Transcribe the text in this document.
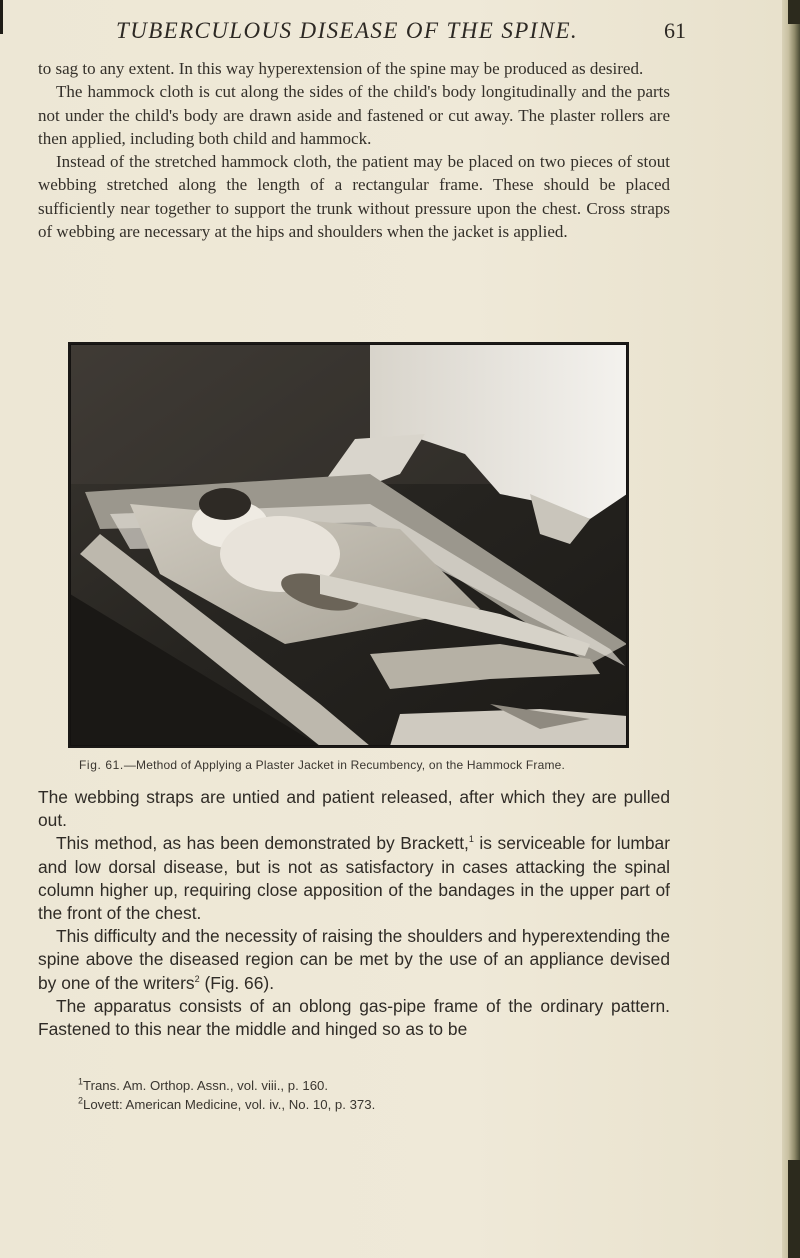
TUBERCULOUS DISEASE OF THE SPINE.	61

to sag to any extent. In this way hyperextension of the spine may be produced as desired.

The hammock cloth is cut along the sides of the child's body longitudinally and the parts not under the child's body are drawn aside and fastened or cut away. The plaster rollers are then applied, including both child and hammock.

Instead of the stretched hammock cloth, the patient may be placed on two pieces of stout webbing stretched along the length of a rectangular frame. These should be placed sufficiently near together to support the trunk without pressure upon the chest. Cross straps of webbing are necessary at the hips and shoulders when the jacket is applied.

Fig. 61.—Method of Applying a Plaster Jacket in Recumbency, on the Hammock Frame.

The webbing straps are untied and patient released, after which they are pulled out.

This method, as has been demonstrated by Brackett,$^1$ is serviceable for lumbar and low dorsal disease, but is not as satisfactory in cases attacking the spinal column higher up, requiring close apposition of the bandages in the upper part of the front of the chest.

This difficulty and the necessity of raising the shoulders and hyperextending the spine above the diseased region can be met by the use of an appliance devised by one of the writers$^2$ (Fig. 66).

The apparatus consists of an oblong gas-pipe frame of the ordinary pattern. Fastened to this near the middle and hinged so as to be

$^1$Trans. Am. Orthop. Assn., vol. viii., p. 160.

$^2$Lovett: American Medicine, vol. iv., No. 10, p. 373.
